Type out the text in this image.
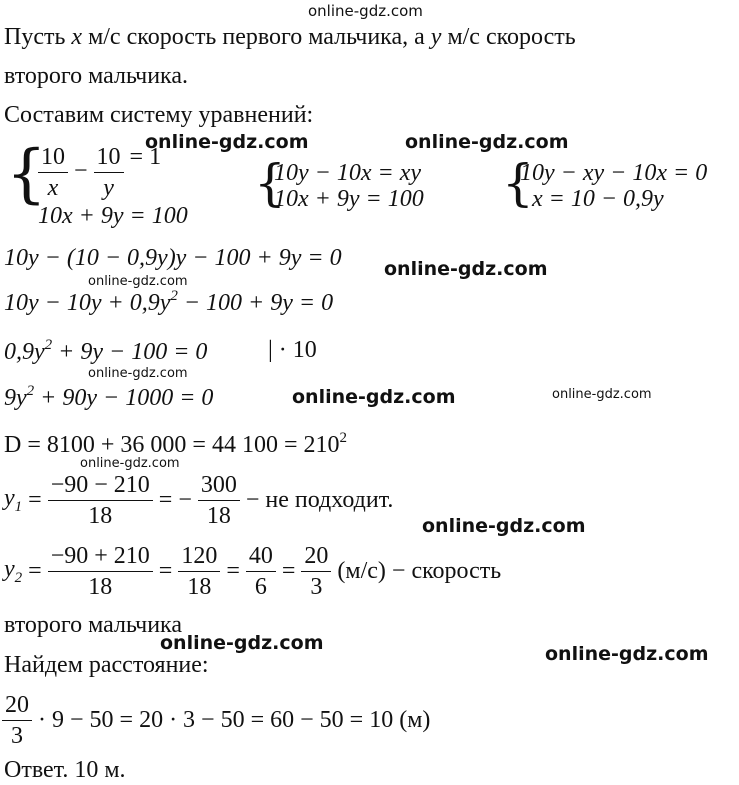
online-gdz.com
Пусть x м/с скорость первого мальчика, а y м/с скорость
второго мальчика.
Составим систему уравнений:
online-gdz.com	online-gdz.com
{
$\frac{10}{x} - \frac{10}{y} = 1$
10x + 9y = 100
{
10y − 10x = xy
10x + 9y = 100 {
10y − xy − 10x = 0
x = 10 − 0,9y
10y − (10 − 0,9y)y − 100 + 9y = 0 online-gdz.com
online-gdz.com
$10y - 10y + 0,9y^2 - 100 + 9y = 0$
$0,9y^2 + 9y - 100 = 0$	| · 10
online-gdz.com
$9y^2 + 90y - 1000 = 0$	online-gdz.com	online-gdz.com
D = 8100 + 36 000 = 44 $100 = 210^2$
online-gdz.com
$y_1 = \frac{-90 - 210}{18}$ = − $\frac{300}{18}$ − не подходит.
online-gdz.com
$y_2 = \frac{-90 + 210}{18} = \frac{120}{18} = \frac{40}{6} = \frac{20}{3} (м/с)$ − скорость
второго мальчика
online-gdz.com
Найдем расстояние:	online-gdz.com
$\frac{20}{3} \cdot 9 - 50 = 20 \cdot 3 - 50 = 60 - 50 = 10$ (м)
Ответ. 10 м.
